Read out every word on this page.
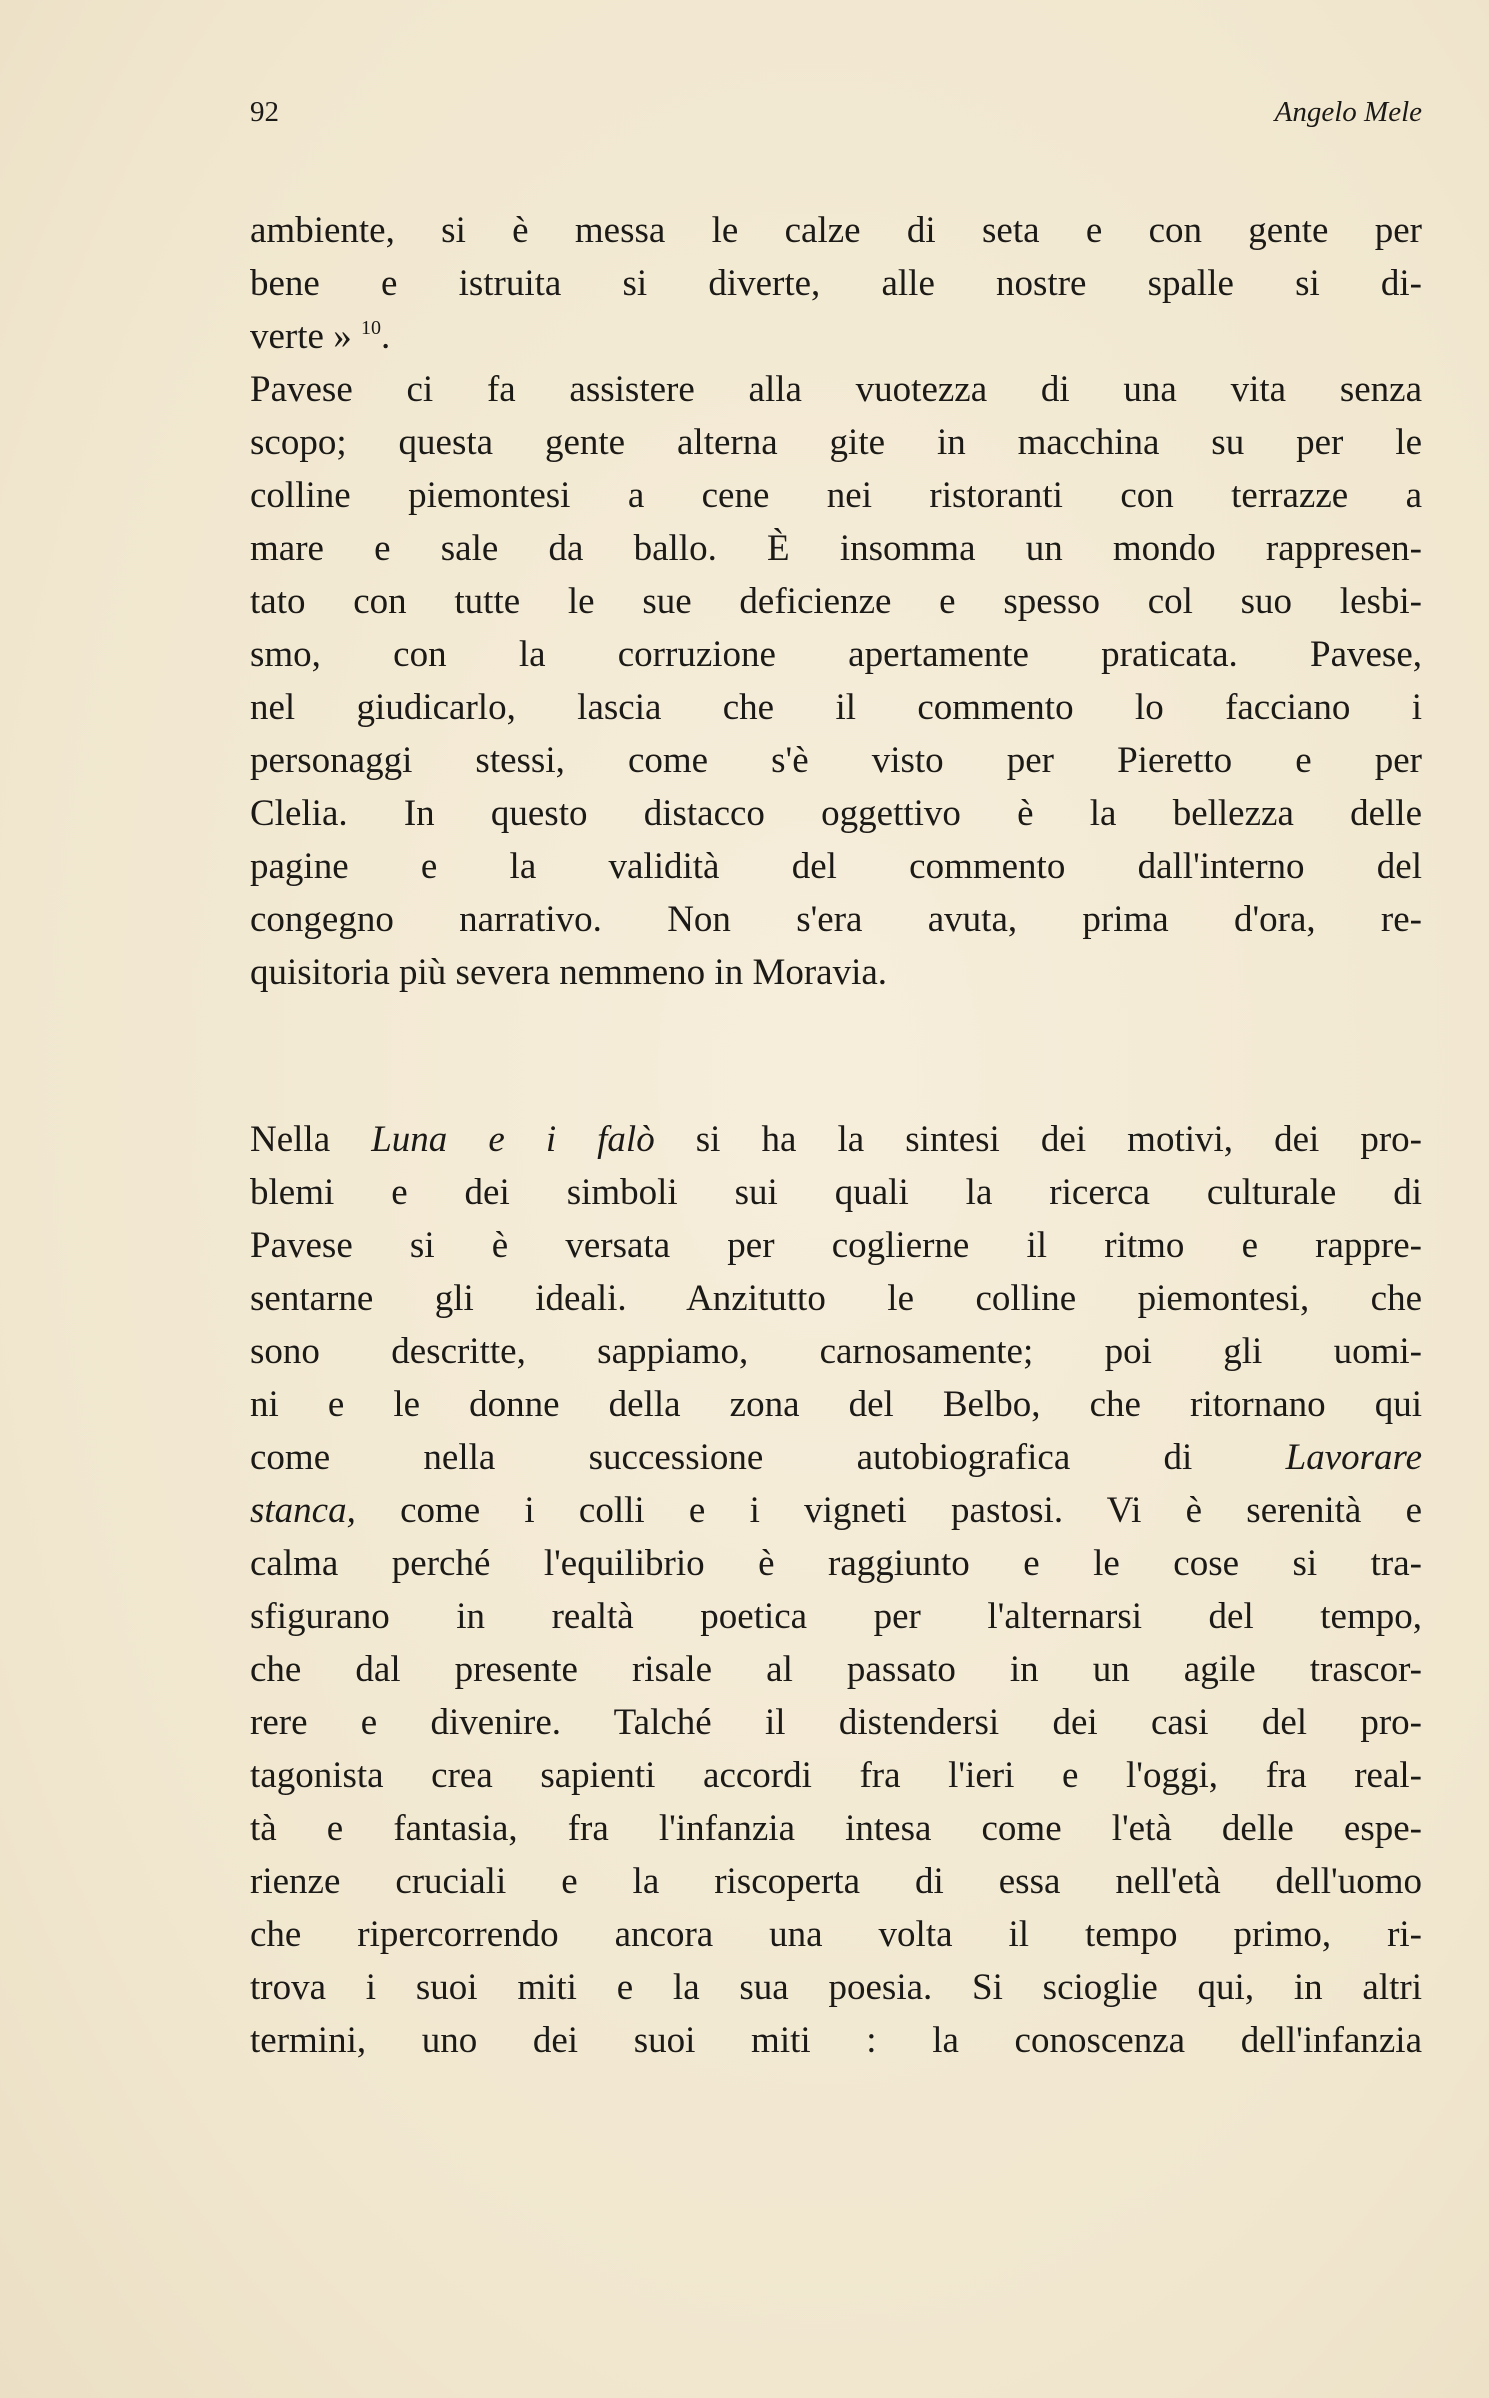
92	Angelo Mele
ambiente, si è messa le calze di seta e con gente per
bene e istruita si diverte, alle nostre spalle si di-
verte » $^{10}$.
Pavese ci fa assistere alla vuotezza di una vita senza
scopo; questa gente alterna gite in macchina su per le
colline piemontesi a cene nei ristoranti con terrazze a
mare e sale da ballo. È insomma un mondo rappresen-
tato con tutte le sue deficienze e spesso col suo lesbi-
smo, con la corruzione apertamente praticata. Pavese,
nel giudicarlo, lascia che il commento lo facciano i
personaggi stessi, come s'è visto per Pieretto e per
Clelia. In questo distacco oggettivo è la bellezza delle
pagine e la validità del commento dall'interno del
congegno narrativo. Non s'era avuta, prima d'ora, re-
quisitoria più severa nemmeno in Moravia.
Nella Luna e i falò si ha la sintesi dei motivi, dei pro-
blemi e dei simboli sui quali la ricerca culturale di
Pavese si è versata per coglierne il ritmo e rappre-
sentarne gli ideali. Anzitutto le colline piemontesi, che
sono descritte, sappiamo, carnosamente; poi gli uomi-
ni e le donne della zona del Belbo, che ritornano qui
come nella successione autobiografica di Lavorare
stanca, come i colli e i vigneti pastosi. Vi è serenità e
calma perché l'equilibrio è raggiunto e le cose si tra-
sfigurano in realtà poetica per l'alternarsi del tempo,
che dal presente risale al passato in un agile trascor-
rere e divenire. Talché il distendersi dei casi del pro-
tagonista crea sapienti accordi fra l'ieri e l'oggi, fra real-
tà e fantasia, fra l'infanzia intesa come l'età delle espe-
rienze cruciali e la riscoperta di essa nell'età dell'uomo
che ripercorrendo ancora una volta il tempo primo, ri-
trova i suoi miti e la sua poesia. Si scioglie qui, in altri
termini, uno dei suoi miti : la conoscenza dell'infanzia
